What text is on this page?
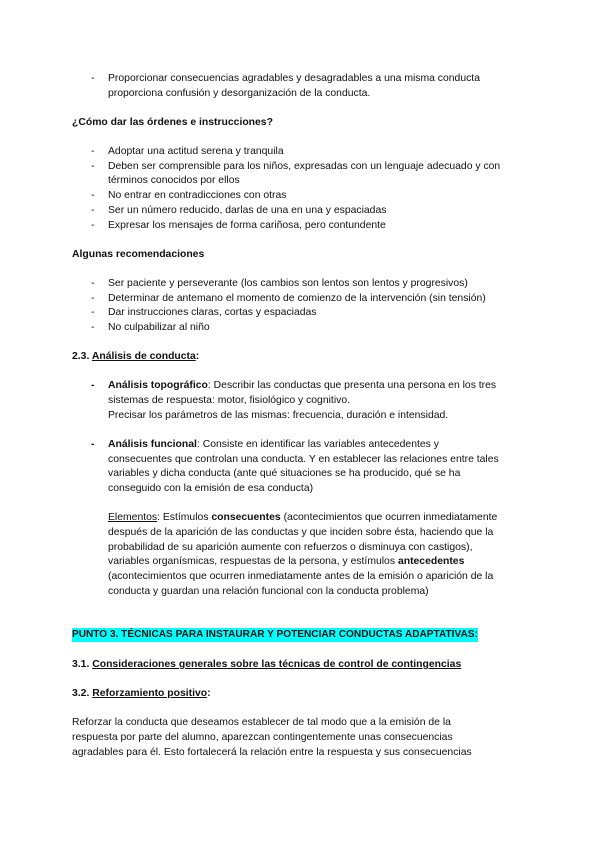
- Proporcionar consecuencias agradables y desagradables a una misma conducta
proporciona confusión y desorganización de la conducta.
¿Cómo dar las órdenes e instrucciones?
- Adoptar una actitud serena y tranquila
- Deben ser comprensible para los niños, expresadas con un lenguaje adecuado y con
términos conocidos por ellos
- No entrar en contradicciones con otras
- Ser un número reducido, darlas de una en una y espaciadas
- Expresar los mensajes de forma cariñosa, pero contundente
Algunas recomendaciones
- Ser paciente y perseverante (los cambios son lentos son lentos y progresivos)
- Determinar de antemano el momento de comienzo de la intervención (sin tensión)
- Dar instrucciones claras, cortas y espaciadas
- No culpabilizar al niño
2.3. Análisis de conducta:
- Análisis topográfico: Describir las conductas que presenta una persona en los tres
sistemas de respuesta: motor, fisiológico y cognitivo.
Precisar los parámetros de las mismas: frecuencia, duración e intensidad.
- Análisis funcional: Consiste en identificar las variables antecedentes y
consecuentes que controlan una conducta. Y en establecer las relaciones entre tales
variables y dicha conducta (ante qué situaciones se ha producido, qué se ha
conseguido con la emisión de esa conducta)
Elementos: Estímulos consecuentes (acontecimientos que ocurren inmediatamente
después de la aparición de las conductas y que inciden sobre ésta, haciendo que la
probabilidad de su aparición aumente con refuerzos o disminuya con castigos),
variables organísmicas, respuestas de la persona, y estímulos antecedentes
(acontecimientos que ocurren inmediatamente antes de la emisión o aparición de la
conducta y guardan una relación funcional con la conducta problema)
PUNTO 3. TÉCNICAS PARA INSTAURAR Y POTENCIAR CONDUCTAS ADAPTATIVAS:
3.1. Consideraciones generales sobre las técnicas de control de contingencias
3.2. Reforzamiento positivo:
Reforzar la conducta que deseamos establecer de tal modo que a la emisión de la
respuesta por parte del alumno, aparezcan contingentemente unas consecuencias
agradables para él. Esto fortalecerá la relación entre la respuesta y sus consecuencias
